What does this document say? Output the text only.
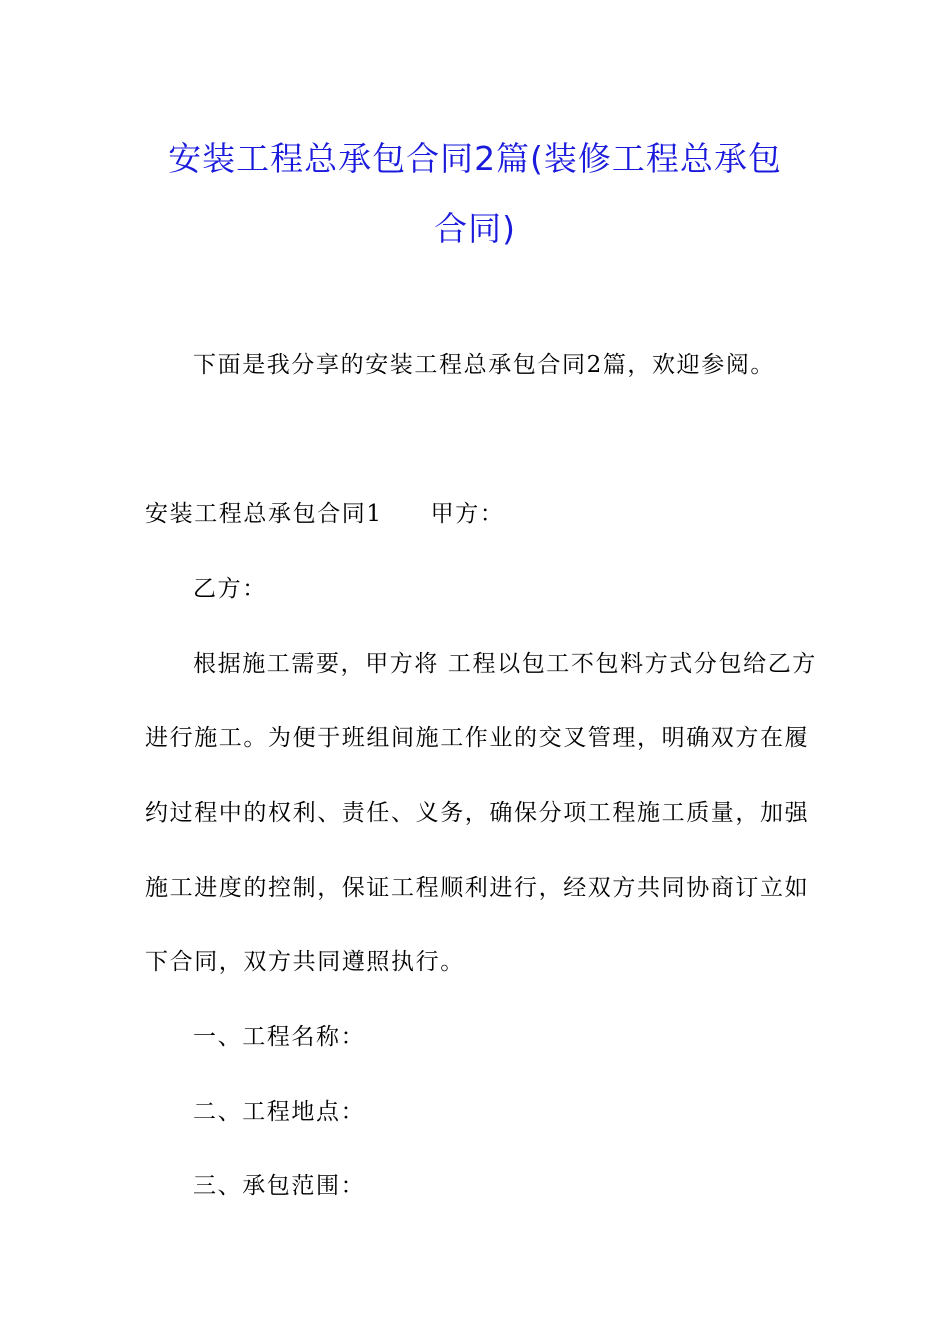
安装工程总承包合同2篇(装修工程总承包
合同)
下面是我分享的安装工程总承包合同2篇，欢迎参阅。
安装工程总承包合同1 甲方：
乙方：
根据施工需要，甲方将 工程以包工不包料方式分包给乙方
进行施工。为便于班组间施工作业的交叉管理，明确双方在履
约过程中的权利、责任、义务，确保分项工程施工质量，加强
施工进度的控制，保证工程顺利进行，经双方共同协商订立如
下合同，双方共同遵照执行。
一、工程名称：
二、工程地点：
三、承包范围：
